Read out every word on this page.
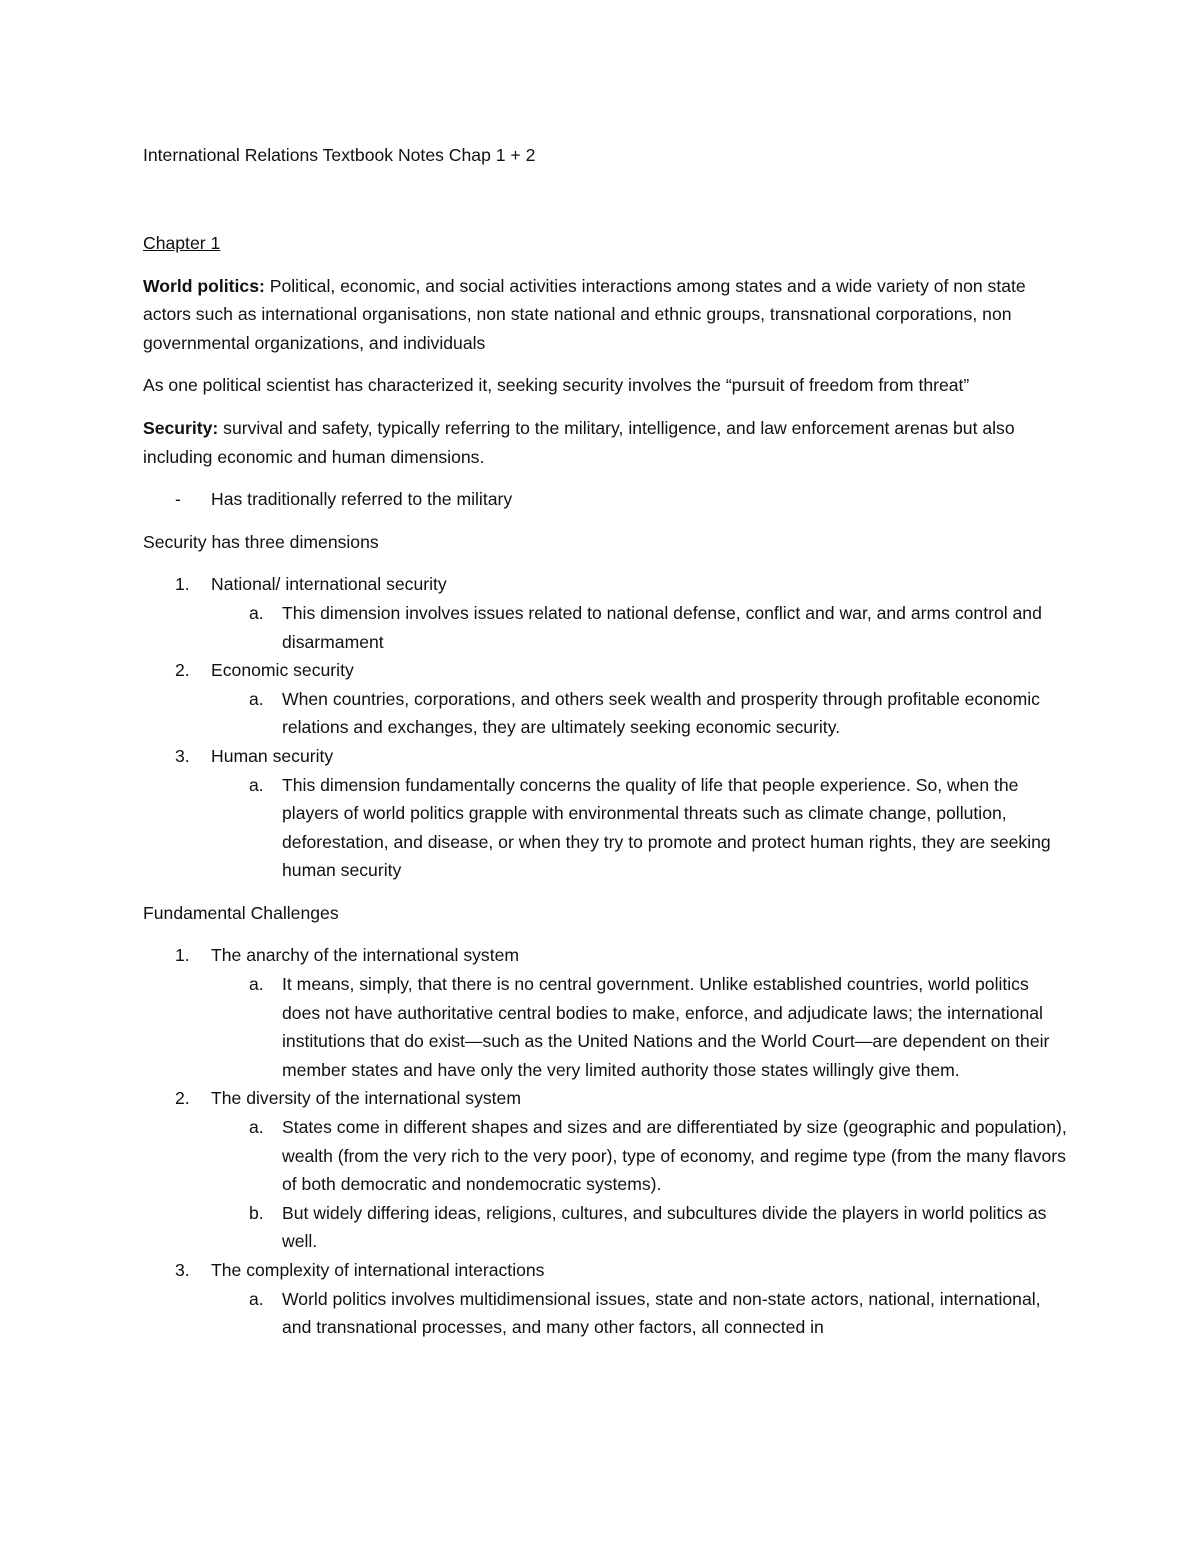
International Relations Textbook Notes Chap 1 + 2
Chapter 1

World politics: Political, economic, and social activities interactions among states and a wide variety of non state actors such as international organisations, non state national and ethnic groups, transnational corporations, non governmental organizations, and individuals

As one political scientist has characterized it, seeking security involves the “pursuit of freedom from threat”

Security: survival and safety, typically referring to the military, intelligence, and law enforcement arenas but also including economic and human dimensions.

- Has traditionally referred to the military

Security has three dimensions

1. National/ international security
a. This dimension involves issues related to national defense, conflict and war, and arms control and disarmament
2. Economic security
a. When countries, corporations, and others seek wealth and prosperity through profitable economic relations and exchanges, they are ultimately seeking economic security.
3. Human security
a. This dimension fundamentally concerns the quality of life that people experience. So, when the players of world politics grapple with environmental threats such as climate change, pollution, deforestation, and disease, or when they try to promote and protect human rights, they are seeking human security

Fundamental Challenges

1. The anarchy of the international system
a. It means, simply, that there is no central government. Unlike established countries, world politics does not have authoritative central bodies to make, enforce, and adjudicate laws; the international institutions that do exist—such as the United Nations and the World Court—are dependent on their member states and have only the very limited authority those states willingly give them.
2. The diversity of the international system
a. States come in different shapes and sizes and are differentiated by size (geographic and population), wealth (from the very rich to the very poor), type of economy, and regime type (from the many flavors of both democratic and nondemocratic systems).
b. But widely differing ideas, religions, cultures, and subcultures divide the players in world politics as well.
3. The complexity of international interactions
a. World politics involves multidimensional issues, state and non-state actors, national, international, and transnational processes, and many other factors, all connected in
